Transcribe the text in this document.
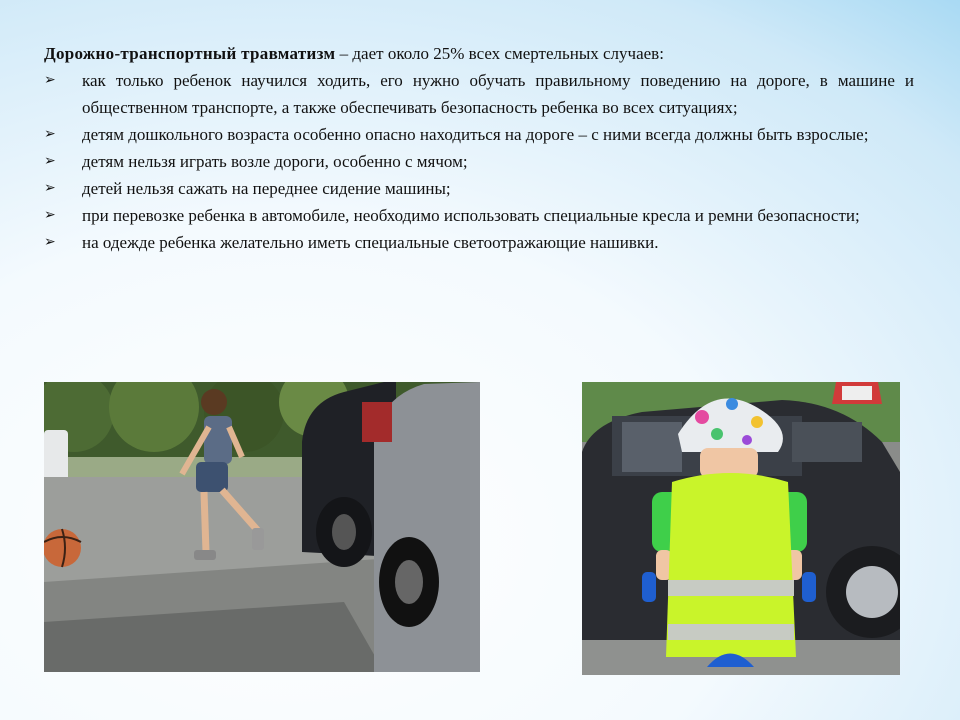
Дорожно-транспортный травматизм – дает около 25% всех смертельных случаев:

➢ как только ребенок научился ходить, его нужно обучать правильному поведению на дороге, в машине и общественном транспорте, а также обеспечивать безопасность ребенка во всех ситуациях;
➢ детям дошкольного возраста особенно опасно находиться на дороге – с ними всегда должны быть взрослые;
➢ детям нельзя играть возле дороги, особенно с мячом;
➢ детей нельзя сажать на переднее сидение машины;
➢ при перевозке ребенка в автомобиле, необходимо использовать специальные кресла и ремни безопасности;
➢ на одежде ребенка желательно иметь специальные светоотражающие нашивки.
